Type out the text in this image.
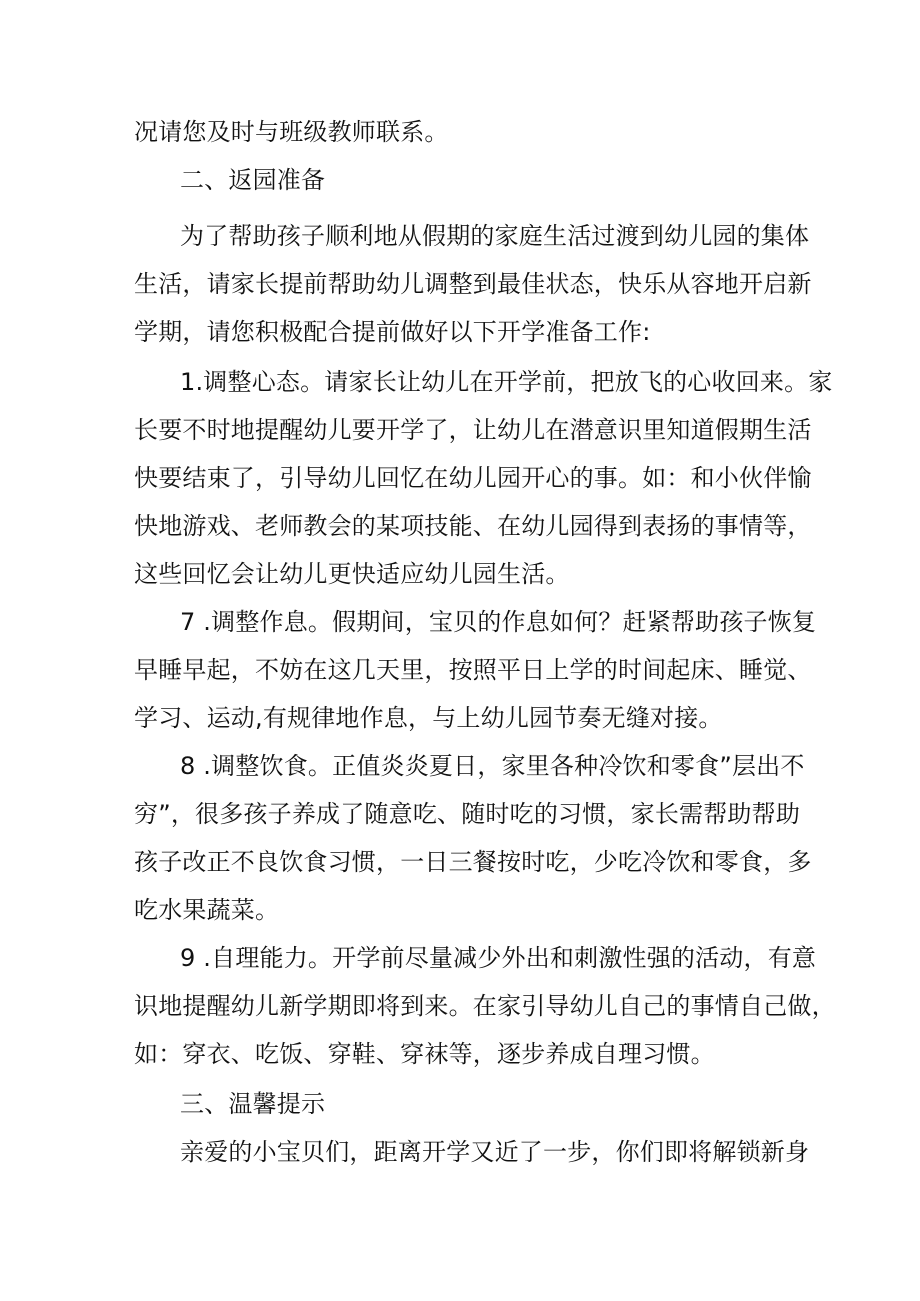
况请您及时与班级教师联系。
二、返园准备
为了帮助孩子顺利地从假期的家庭生活过渡到幼儿园的集体
生活，请家长提前帮助幼儿调整到最佳状态，快乐从容地开启新
学期，请您积极配合提前做好以下开学准备工作:
1.调整心态。请家长让幼儿在开学前，把放飞的心收回来。家
长要不时地提醒幼儿要开学了，让幼儿在潜意识里知道假期生活
快要结束了，引导幼儿回忆在幼儿园开心的事。如：和小伙伴愉
快地游戏、老师教会的某项技能、在幼儿园得到表扬的事情等，
这些回忆会让幼儿更快适应幼儿园生活。
7 .调整作息。假期间，宝贝的作息如何？赶紧帮助孩子恢复
早睡早起，不妨在这几天里，按照平日上学的时间起床、睡觉、
学习、运动,有规律地作息，与上幼儿园节奏无缝对接。
8 .调整饮食。正值炎炎夏日，家里各种冷饮和零食”层出不
穷”，很多孩子养成了随意吃、随时吃的习惯，家长需帮助帮助
孩子改正不良饮食习惯，一日三餐按时吃，少吃冷饮和零食，多
吃水果蔬菜。
9 .自理能力。开学前尽量减少外出和刺激性强的活动，有意
识地提醒幼儿新学期即将到来。在家引导幼儿自己的事情自己做，
如：穿衣、吃饭、穿鞋、穿袜等，逐步养成自理习惯。
三、温馨提示
亲爱的小宝贝们，距离开学又近了一步，你们即将解锁新身
